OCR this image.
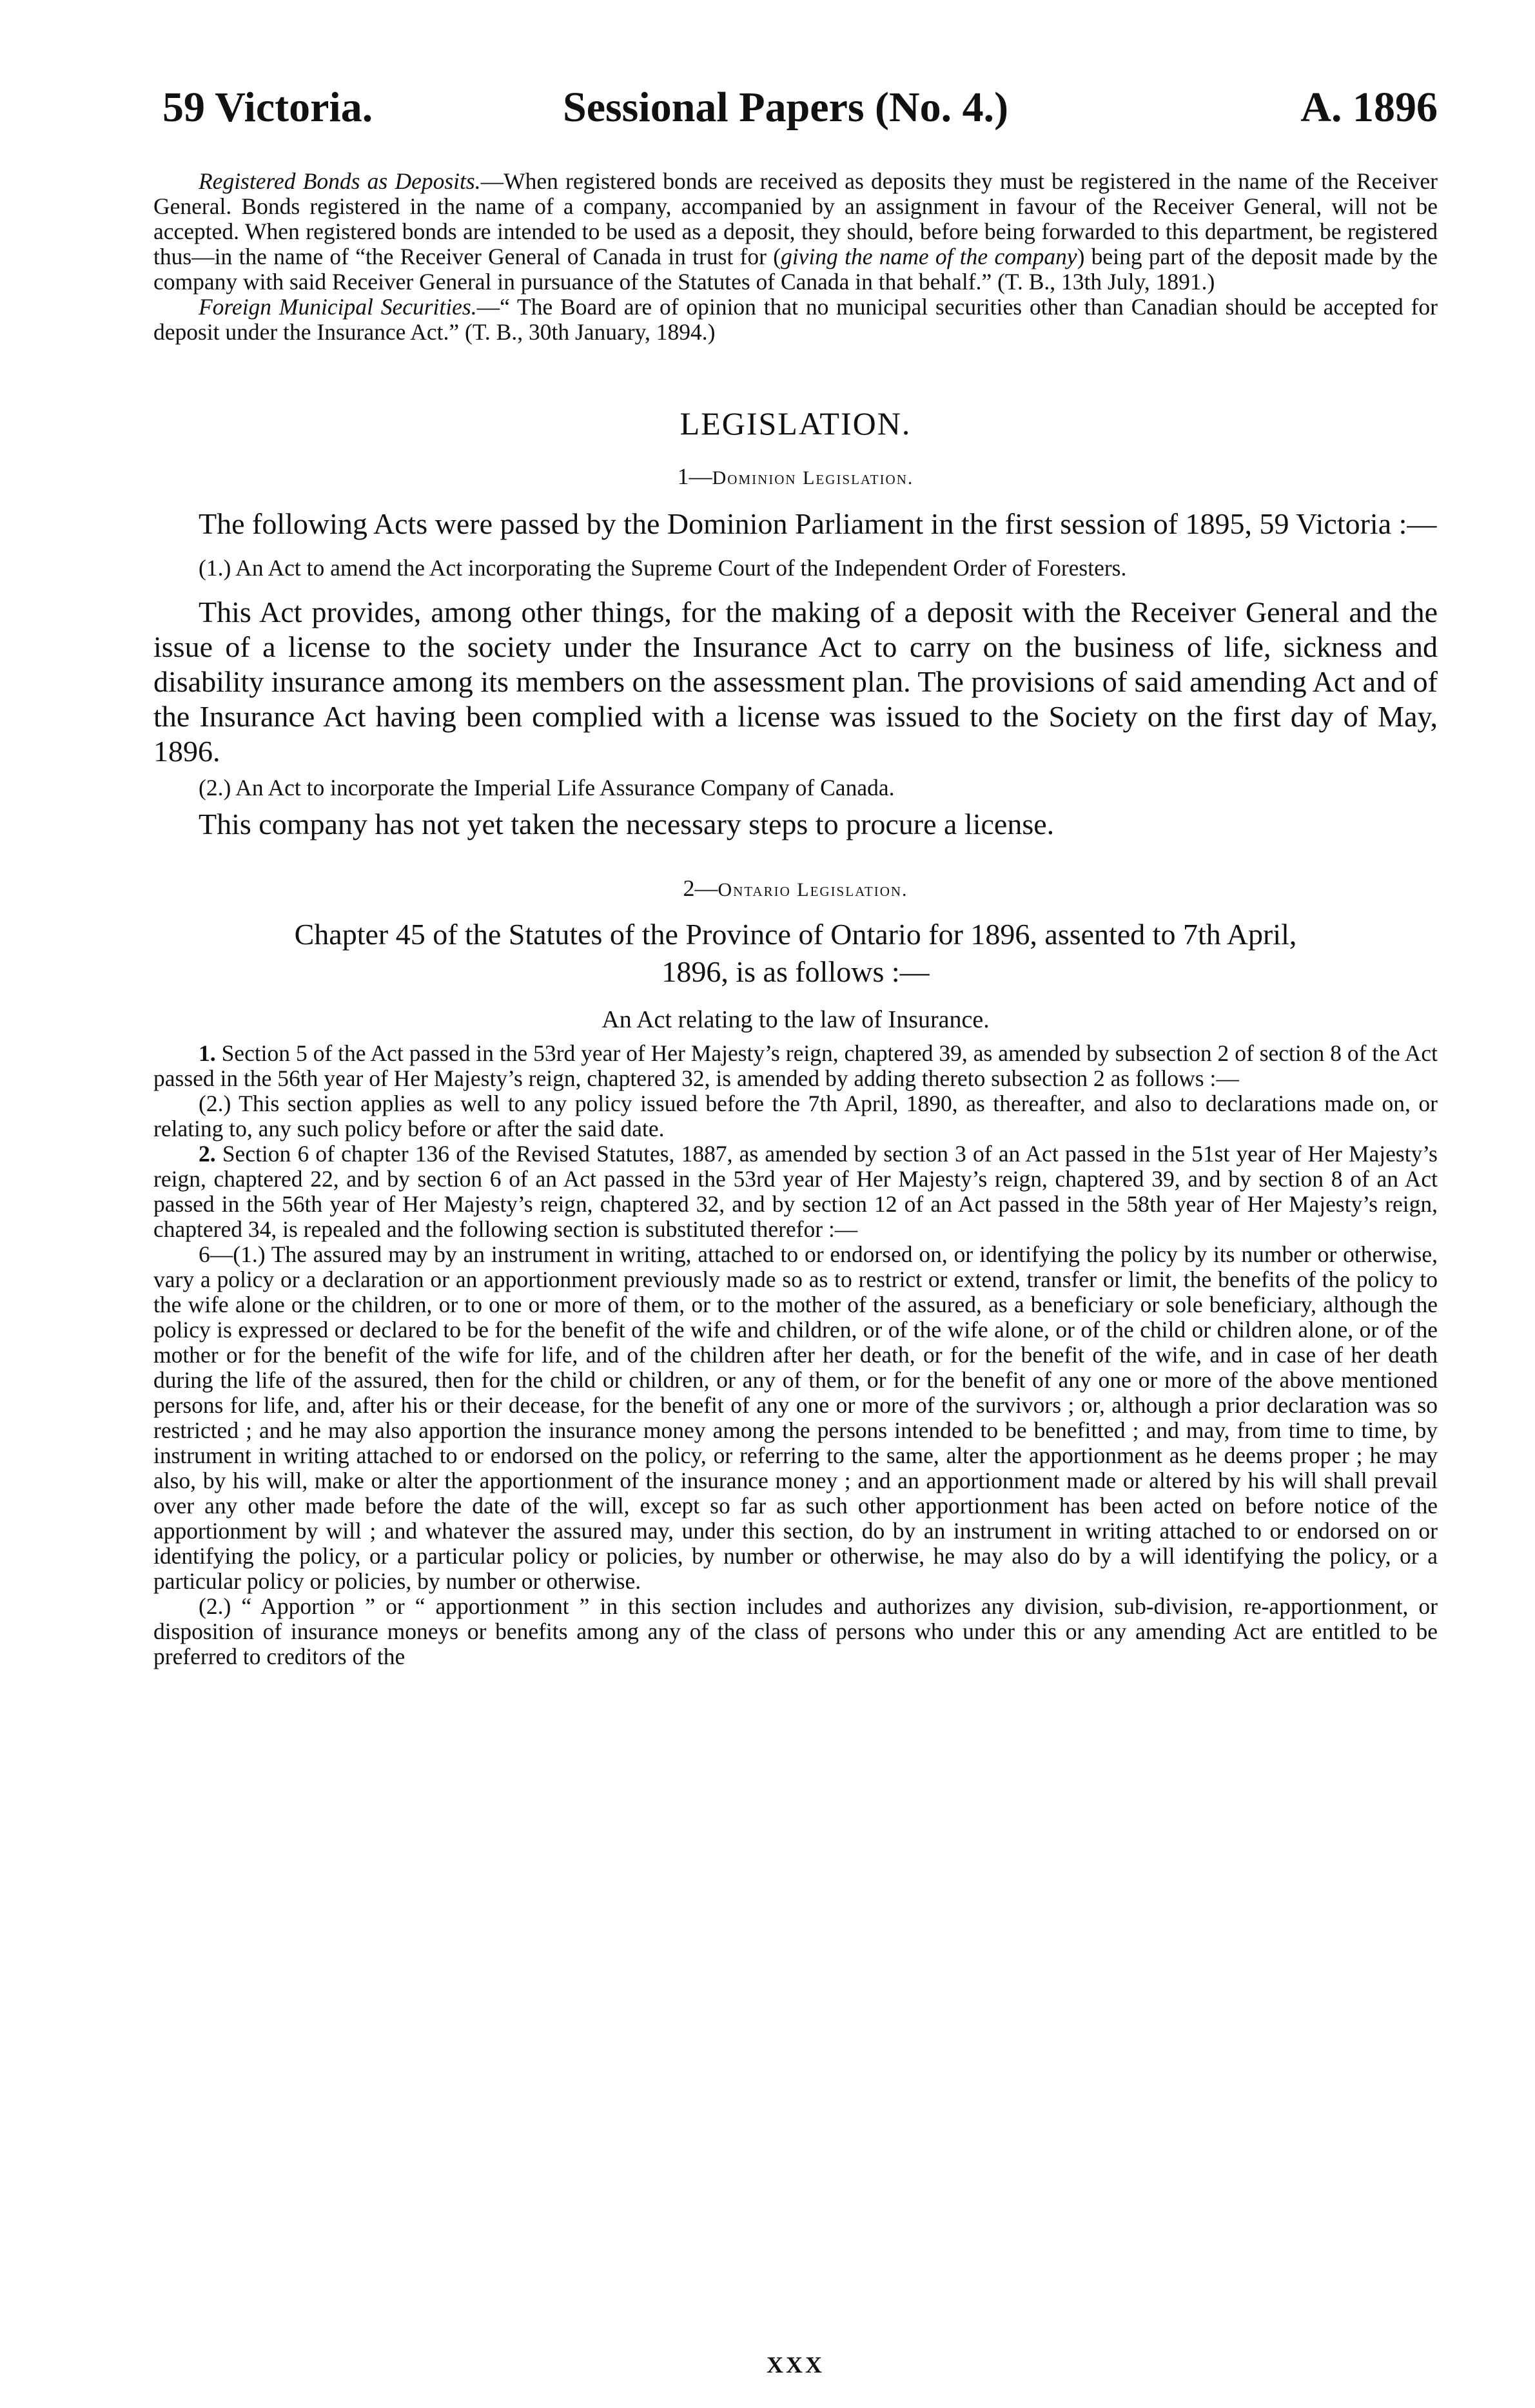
59 Victoria.	Sessional Papers (No. 4.)	A. 1896

Registered Bonds as Deposits.—When registered bonds are received as deposits they must be registered in the name of the Receiver General. Bonds registered in the name of a company, accompanied by an assignment in favour of the Receiver General, will not be accepted. When registered bonds are intended to be used as a deposit, they should, before being forwarded to this department, be registered thus—in the name of “the Receiver General of Canada in trust for (giving the name of the company) being part of the deposit made by the company with said Receiver General in pursuance of the Statutes of Canada in that behalf.” (T. B., 13th July, 1891.)

Foreign Municipal Securities.—“ The Board are of opinion that no municipal securities other than Canadian should be accepted for deposit under the Insurance Act.” (T. B., 30th January, 1894.)

LEGISLATION.
1—Dominion Legislation.

The following Acts were passed by the Dominion Parliament in the first session of 1895, 59 Victoria :—

(1.) An Act to amend the Act incorporating the Supreme Court of the Independent Order of Foresters.

This Act provides, among other things, for the making of a deposit with the Receiver General and the issue of a license to the society under the Insurance Act to carry on the business of life, sickness and disability insurance among its members on the assessment plan. The provisions of said amending Act and of the Insurance Act having been complied with a license was issued to the Society on the first day of May, 1896.

(2.) An Act to incorporate the Imperial Life Assurance Company of Canada.

This company has not yet taken the necessary steps to procure a license.

2—Ontario Legislation.
Chapter 45 of the Statutes of the Province of Ontario for 1896, assented to 7th April,
1896, is as follows :—
An Act relating to the law of Insurance.

1. Section 5 of the Act passed in the 53rd year of Her Majesty’s reign, chaptered 39, as amended by subsection 2 of section 8 of the Act passed in the 56th year of Her Majesty’s reign, chaptered 32, is amended by adding thereto subsection 2 as follows :—

(2.) This section applies as well to any policy issued before the 7th April, 1890, as thereafter, and also to declarations made on, or relating to, any such policy before or after the said date.

2. Section 6 of chapter 136 of the Revised Statutes, 1887, as amended by section 3 of an Act passed in the 51st year of Her Majesty’s reign, chaptered 22, and by section 6 of an Act passed in the 53rd year of Her Majesty’s reign, chaptered 39, and by section 8 of an Act passed in the 56th year of Her Majesty’s reign, chaptered 32, and by section 12 of an Act passed in the 58th year of Her Majesty’s reign, chaptered 34, is repealed and the following section is substituted therefor :—

6—(1.) The assured may by an instrument in writing, attached to or endorsed on, or identifying the policy by its number or otherwise, vary a policy or a declaration or an apportionment previously made so as to restrict or extend, transfer or limit, the benefits of the policy to the wife alone or the children, or to one or more of them, or to the mother of the assured, as a beneficiary or sole beneficiary, although the policy is expressed or declared to be for the benefit of the wife and children, or of the wife alone, or of the child or children alone, or of the mother or for the benefit of the wife for life, and of the children after her death, or for the benefit of the wife, and in case of her death during the life of the assured, then for the child or children, or any of them, or for the benefit of any one or more of the above mentioned persons for life, and, after his or their decease, for the benefit of any one or more of the survivors ; or, although a prior declaration was so restricted ; and he may also apportion the insurance money among the persons intended to be benefitted ; and may, from time to time, by instrument in writing attached to or endorsed on the policy, or referring to the same, alter the apportionment as he deems proper ; he may also, by his will, make or alter the apportionment of the insurance money ; and an apportionment made or altered by his will shall prevail over any other made before the date of the will, except so far as such other apportionment has been acted on before notice of the apportionment by will ; and whatever the assured may, under this section, do by an instrument in writing attached to or endorsed on or identifying the policy, or a particular policy or policies, by number or otherwise, he may also do by a will identifying the policy, or a particular policy or policies, by number or otherwise.

(2.) “ Apportion ” or “ apportionment ” in this section includes and authorizes any division, sub-division, re-apportionment, or disposition of insurance moneys or benefits among any of the class of persons who under this or any amending Act are entitled to be preferred to creditors of the

XXX
